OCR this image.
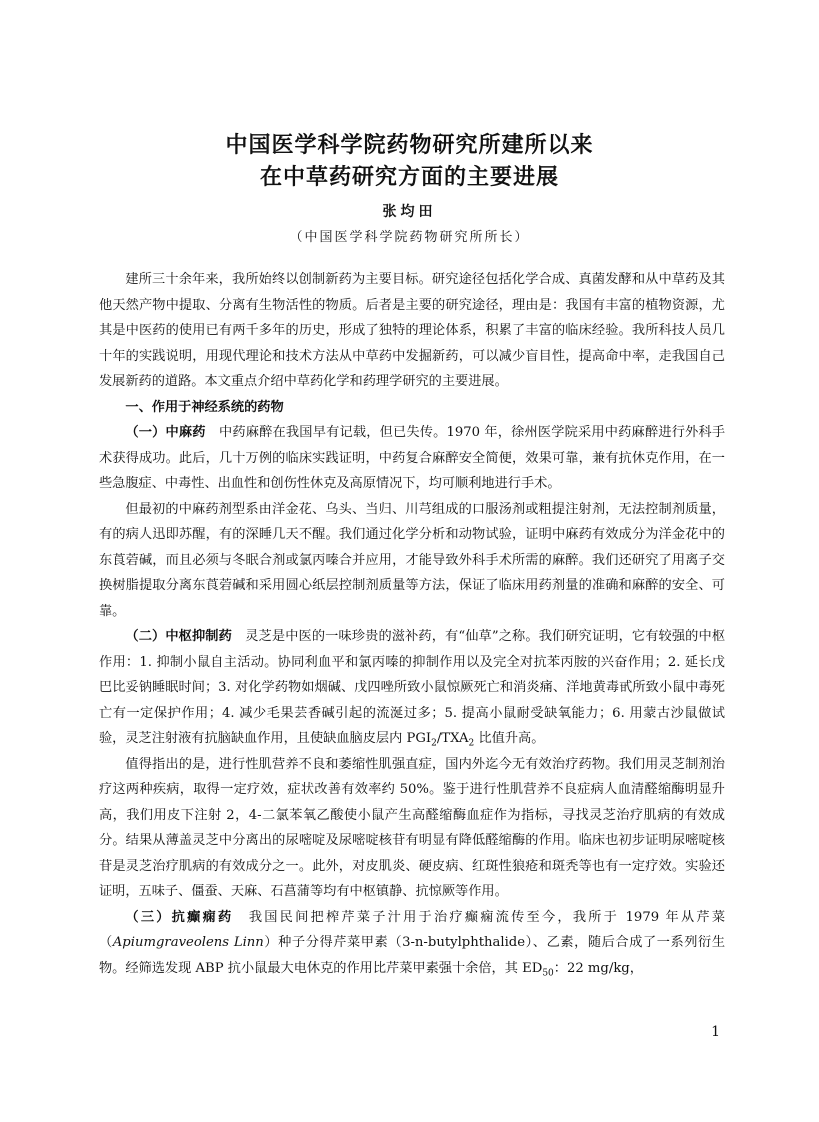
中国医学科学院药物研究所建所以来
在中草药研究方面的主要进展
张均田
（中国医学科学院药物研究所所长）

建所三十余年来，我所始终以创制新药为主要目标。研究途径包括化学合成、真菌发酵和从中草药及其他天然产物中提取、分离有生物活性的物质。后者是主要的研究途径，理由是：我国有丰富的植物资源，尤其是中医药的使用已有两千多年的历史，形成了独特的理论体系，积累了丰富的临床经验。我所科技人员几十年的实践说明，用现代理论和技术方法从中草药中发掘新药，可以减少盲目性，提高命中率，走我国自己发展新药的道路。本文重点介绍中草药化学和药理学研究的主要进展。

一、作用于神经系统的药物

（一）中麻药　 中药麻醉在我国早有记载，但已失传。1970 年，徐州医学院采用中药麻醉进行外科手术获得成功。此后，几十万例的临床实践证明，中药复合麻醉安全简便，效果可靠，兼有抗休克作用，在一些急腹症、中毒性、出血性和创伤性休克及高原情况下，均可顺利地进行手术。

但最初的中麻药剂型系由洋金花、乌头、当归、川芎组成的口服汤剂或粗提注射剂，无法控制剂质量，有的病人迅即苏醒，有的深睡几天不醒。我们通过化学分析和动物试验，证明中麻药有效成分为洋金花中的东莨菪碱，而且必须与冬眠合剂或氯丙嗪合并应用，才能导致外科手术所需的麻醉。我们还研究了用离子交换树脂提取分离东莨菪碱和采用圆心纸层控制剂质量等方法，保证了临床用药剂量的准确和麻醉的安全、可靠。

（二）中枢抑制药　 灵芝是中医的一味珍贵的滋补药，有“仙草”之称。我们研究证明，它有较强的中枢作用：1. 抑制小鼠自主活动。协同利血平和氯丙嗪的抑制作用以及完全对抗苯丙胺的兴奋作用；2. 延长戊巴比妥钠睡眠时间；3. 对化学药物如烟碱、戊四唑所致小鼠惊厥死亡和消炎痛、洋地黄毒甙所致小鼠中毒死亡有一定保护作用；4. 减少毛果芸香碱引起的流涎过多；5. 提高小鼠耐受缺氧能力；6. 用蒙古沙鼠做试验，灵芝注射液有抗脑缺血作用，且使缺血脑皮层内 $PGI_2/TXA_2$ 比值升高。

值得指出的是，进行性肌营养不良和萎缩性肌强直症，国内外迄今无有效治疗药物。我们用灵芝制剂治疗这两种疾病，取得一定疗效，症状改善有效率约 50%。鉴于进行性肌营养不良症病人血清醛缩酶明显升高，我们用皮下注射 2，4-二氯苯氧乙酸使小鼠产生高醛缩酶血症作为指标，寻找灵芝治疗肌病的有效成分。结果从薄盖灵芝中分离出的尿嘧啶及尿嘧啶核苷有明显有降低醛缩酶的作用。临床也初步证明尿嘧啶核苷是灵芝治疗肌病的有效成分之一。此外，对皮肌炎、硬皮病、红斑性狼疮和斑秃等也有一定疗效。实验还证明，五味子、僵蚕、天麻、石菖蒲等均有中枢镇静、抗惊厥等作用。

（三）抗癫痫药　 我国民间把榨芹菜子汁用于治疗癫痫流传至今，我所于 1979 年从芹菜（Apiumgraveolens Linn）种子分得芹菜甲素（3-n-butylphthalide）、乙素，随后合成了一系列衍生物。经筛选发现 ABP 抗小鼠最大电休克的作用比芹菜甲素强十余倍，其 $ED_{50}$：22 mg/kg，

1
